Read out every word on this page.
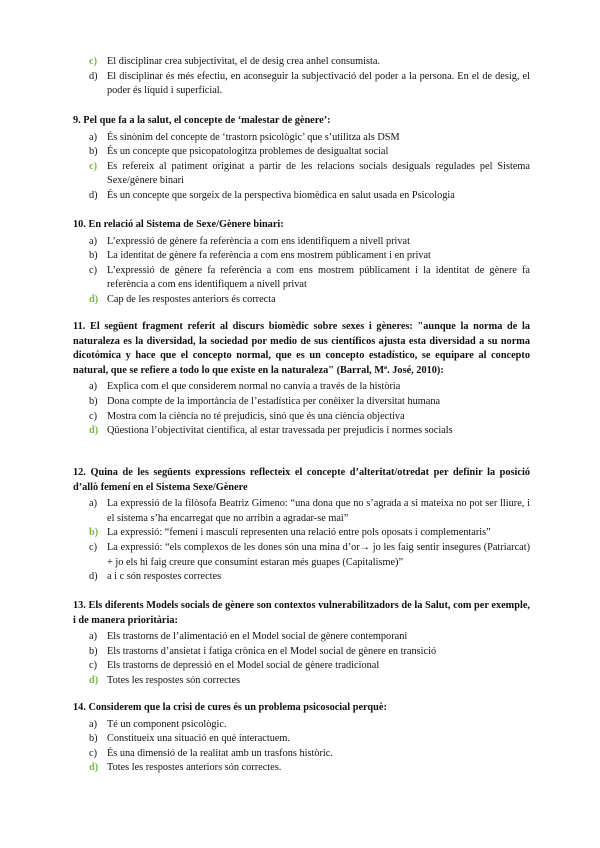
c) El disciplinar crea subjectivitat, el de desig crea anhel consumista.
d) El disciplinar és més efectiu, en aconseguir la subjectivació del poder a la persona. En el de desig, el poder és líquid i superficial.
9. Pel que fa a la salut, el concepte de ‘malestar de gènere’:
a) És sinònim del concepte de ‘trastorn psicològic’ que s’utilitza als DSM
b) És un concepte que psicopatologitza problemes de desigualtat social
c) Es refereix al patiment originat a partir de les relacions socials desiguals regulades pel Sistema Sexe/gènere binari
d) És un concepte que sorgeix de la perspectiva biomèdica en salut usada en Psicologia
10. En relació al Sistema de Sexe/Gènere binari:
a) L’expressió de gènere fa referència a com ens identifiquem a nivell privat
b) La identitat de gènere fa referència a com ens mostrem públicament i en privat
c) L’expressió de gènere fa referència a com ens mostrem públicament i la identitat de gènere fa referència a com ens identifiquem a nivell privat
d) Cap de les respostes anteriors és correcta
11. El següent fragment referit al discurs biomèdic sobre sexes i gèneres: "aunque la norma de la naturaleza es la diversidad, la sociedad por medio de sus científicos ajusta esta diversidad a su norma dicotómica y hace que el concepto normal, que es un concepto estadístico, se equipare al concepto natural, que se refiere a todo lo que existe en la naturaleza" (Barral, Mª. José, 2010):
a) Explica com el que considerem normal no canvia a través de la història
b) Dona compte de la importància de l’estadística per conèixer la diversitat humana
c) Mostra com la ciència no té prejudicis, sinó que és una ciència objectiva
d) Qüestiona l’objectivitat científica, al estar travessada per prejudicis i normes socials
12. Quina de les següents expressions reflecteix el concepte d’alteritat/otredat per definir la posició d’allò femení en el Sistema Sexe/Gènere
a) La expressió de la filòsofa Beatriz Gimeno: “una dona que no s’agrada a si mateixa no pot ser lliure, i el sistema s’ha encarregat que no arribin a agradar-se mai”
b) La expressió: “femení i masculí representen una relació entre pols oposats i complementaris”
c) La expressió: “els complexos de les dones són una mina d’or→ jo les faig sentir insegures (Patriarcat) + jo els hi faig creure que consumint estaran més guapes (Capitalisme)”
d) a i c són respostes correctes
13. Els diferents Models socials de gènere son contextos vulnerabilitzadors de la Salut, com per exemple, i de manera prioritària:
a) Els trastorns de l’alimentació en el Model social de gènere contemporani
b) Els trastorns d’ansietat i fatiga crònica en el Model social de gènere en transició
c) Els trastorns de depressió en el Model social de gènere tradicional
d) Totes les respostes són correctes
14. Considerem que la crisi de cures és un problema psicosocial perquè:
a) Té un component psicològic.
b) Constitueix una situació en què interactuem.
c) És una dimensió de la realitat amb un trasfons històric.
d) Totes les respostes anteriors són correctes.
